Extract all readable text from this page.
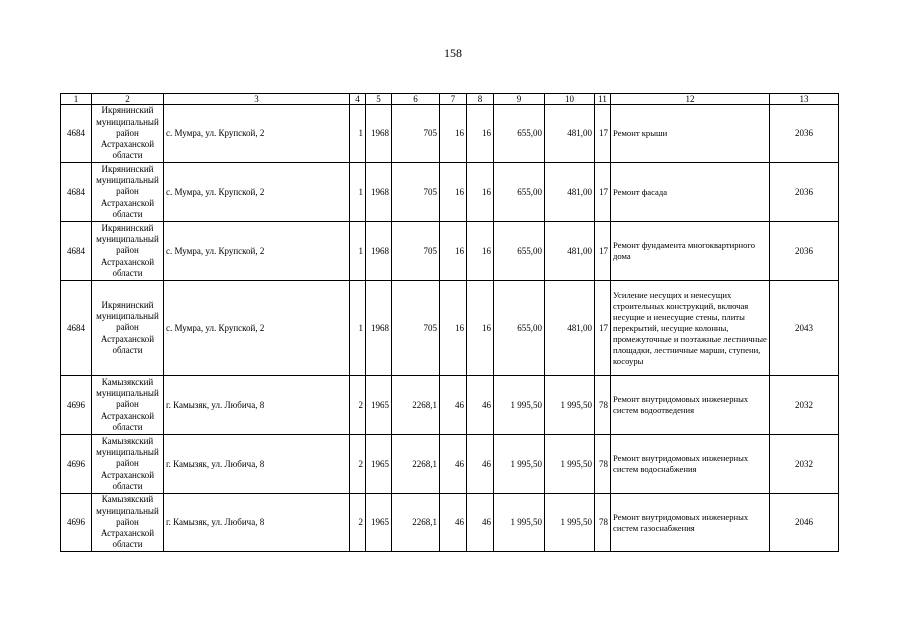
158
1	2	3	4	5	6	7	8	9	10	11	12	13
4684	Икрянинский муниципальный район Астраханской области	с. Мумра, ул. Крупской, 2	1	1968	705	16	16	655,00	481,00	17	Ремонт крыши	2036
4684	Икрянинский муниципальный район Астраханской области	с. Мумра, ул. Крупской, 2	1	1968	705	16	16	655,00	481,00	17	Ремонт фасада	2036
4684	Икрянинский муниципальный район Астраханской области	с. Мумра, ул. Крупской, 2	1	1968	705	16	16	655,00	481,00	17	Ремонт фундамента многоквартирного дома	2036
4684	Икрянинский муниципальный район Астраханской области	с. Мумра, ул. Крупской, 2	1	1968	705	16	16	655,00	481,00	17	Усиление несущих и ненесущих строительных конструкций, включая несущие и ненесущие стены, плиты перекрытий, несущие колонны, промежуточные и поэтажные лестничные площадки, лестничные марши, ступени, косоуры	2043
4696	Камызякский муниципальный район Астраханской области	г. Камызяк, ул. Любича, 8	2	1965	2268,1	46	46	1 995,50	1 995,50	78	Ремонт внутридомовых инженерных систем водоотведения	2032
4696	Камызякский муниципальный район Астраханской области	г. Камызяк, ул. Любича, 8	2	1965	2268,1	46	46	1 995,50	1 995,50	78	Ремонт внутридомовых инженерных систем водоснабжения	2032
4696	Камызякский муниципальный район Астраханской области	г. Камызяк, ул. Любича, 8	2	1965	2268,1	46	46	1 995,50	1 995,50	78	Ремонт внутридомовых инженерных систем газоснабжения	2046
